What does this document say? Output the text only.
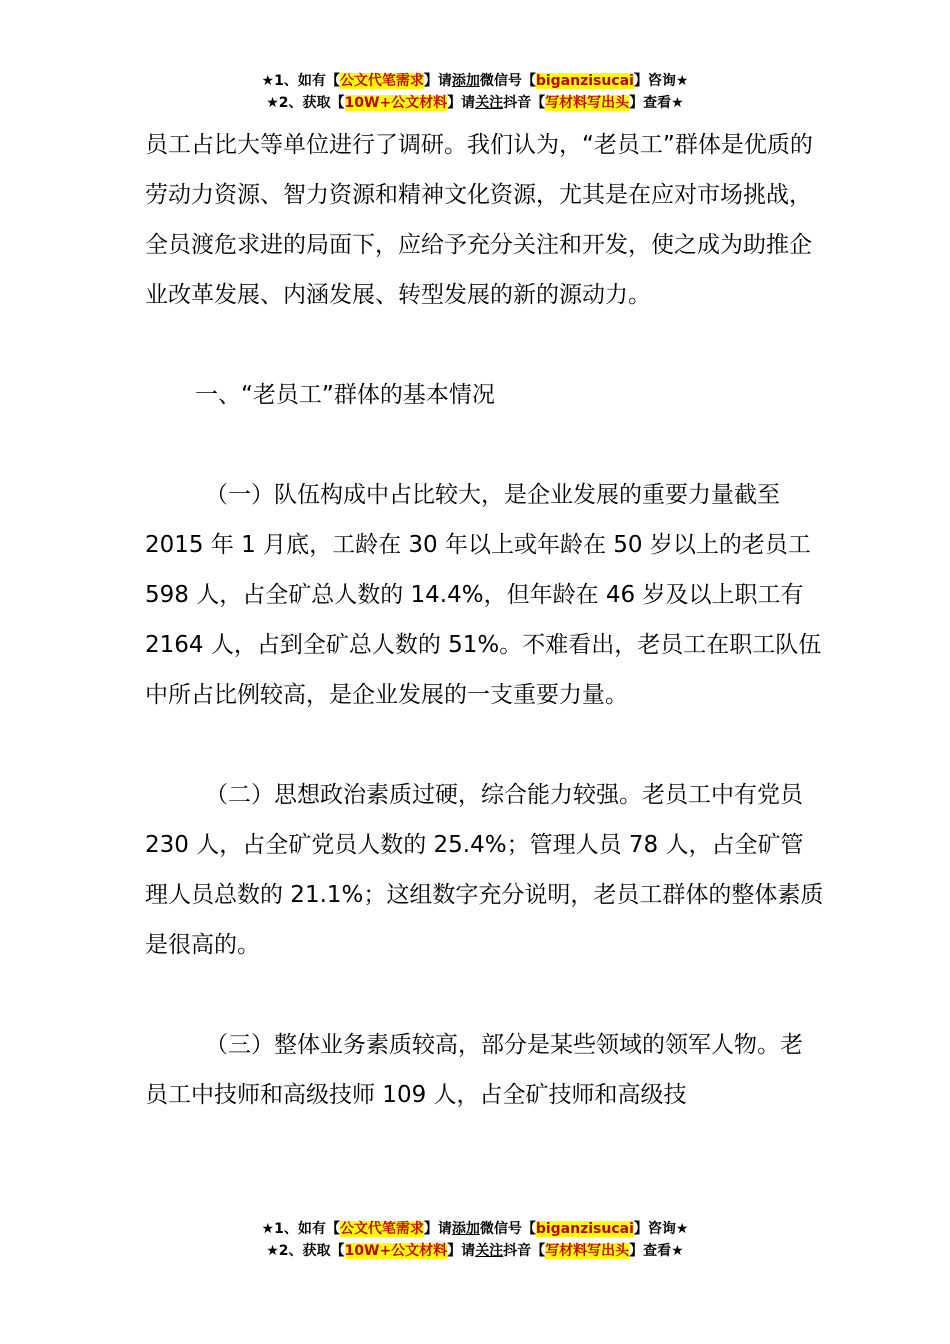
★1、如有【公文代笔需求】请添加微信号【biganzisucai】咨询★
★2、获取【10W+公文材料】请关注抖音【写材料写出头】查看★

员工占比大等单位进行了调研。我们认为，“老员工”群体是优质的劳动力资源、智力资源和精神文化资源，尤其是在应对市场挑战，全员渡危求进的局面下，应给予充分关注和开发，使之成为助推企业改革发展、内涵发展、转型发展的新的源动力。

一、“老员工”群体的基本情况

（一）队伍构成中占比较大，是企业发展的重要力量截至 2015 年 1 月底，工龄在 30 年以上或年龄在 50 岁以上的老员工 598 人，占全矿总人数的 14.4%，但年龄在 46 岁及以上职工有 2164 人，占到全矿总人数的 51%。不难看出，老员工在职工队伍中所占比例较高，是企业发展的一支重要力量。

（二）思想政治素质过硬，综合能力较强。老员工中有党员 230 人，占全矿党员人数的 25.4%；管理人员 78 人，占全矿管理人员总数的 21.1%；这组数字充分说明，老员工群体的整体素质是很高的。

（三）整体业务素质较高，部分是某些领域的领军人物。老员工中技师和高级技师 109 人，占全矿技师和高级技

★1、如有【公文代笔需求】请添加微信号【biganzisucai】咨询★
★2、获取【10W+公文材料】请关注抖音【写材料写出头】查看★
